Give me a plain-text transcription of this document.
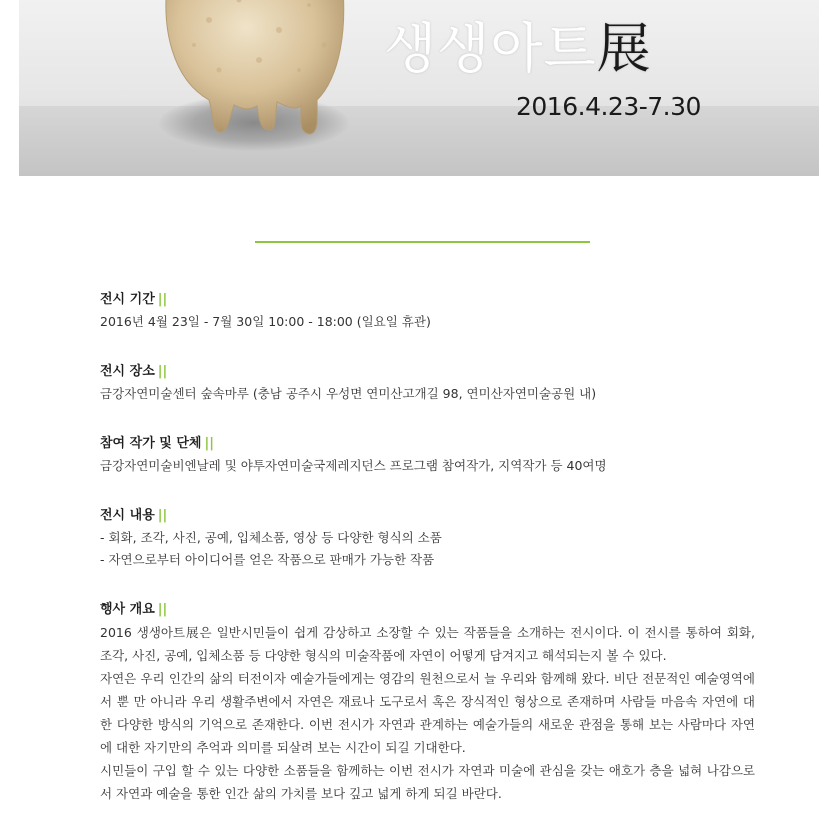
생생아트展
2016.4.23-7.30
전시 기간 ||
2016년 4월 23일 - 7월 30일 10:00 - 18:00 (일요일 휴관)
전시 장소 ||
금강자연미술센터 숲속마루 (충남 공주시 우성면 연미산고개길 98, 연미산자연미술공원 내)
참여 작가 및 단체 ||
금강자연미술비엔날레 및 야투자연미술국제레지던스 프로그램 참여작가, 지역작가 등 40여명
전시 내용 ||
- 회화, 조각, 사진, 공예, 입체소품, 영상 등 다양한 형식의 소품
- 자연으로부터 아이디어를 얻은 작품으로 판매가 가능한 작품
행사 개요 ||
2016 생생아트展은 일반시민들이 쉽게 감상하고 소장할 수 있는 작품들을 소개하는 전시이다. 이 전시를 통하여 회화, 조각, 사진, 공예, 입체소품 등 다양한 형식의 미술작품에 자연이 어떻게 담겨지고 해석되는지 볼 수 있다.
자연은 우리 인간의 삶의 터전이자 예술가들에게는 영감의 원천으로서 늘 우리와 함께해 왔다. 비단 전문적인 예술영역에서 뿐 만 아니라 우리 생활주변에서 자연은 재료나 도구로서 혹은 장식적인 형상으로 존재하며 사람들 마음속 자연에 대한 다양한 방식의 기억으로 존재한다. 이번 전시가 자연과 관계하는 예술가들의 새로운 관점을 통해 보는 사람마다 자연에 대한 자기만의 추억과 의미를 되살려 보는 시간이 되길 기대한다.
시민들이 구입 할 수 있는 다양한 소품들을 함께하는 이번 전시가 자연과 미술에 관심을 갖는 애호가 층을 넓혀 나감으로서 자연과 예술을 통한 인간 삶의 가치를 보다 깊고 넓게 하게 되길 바란다.
